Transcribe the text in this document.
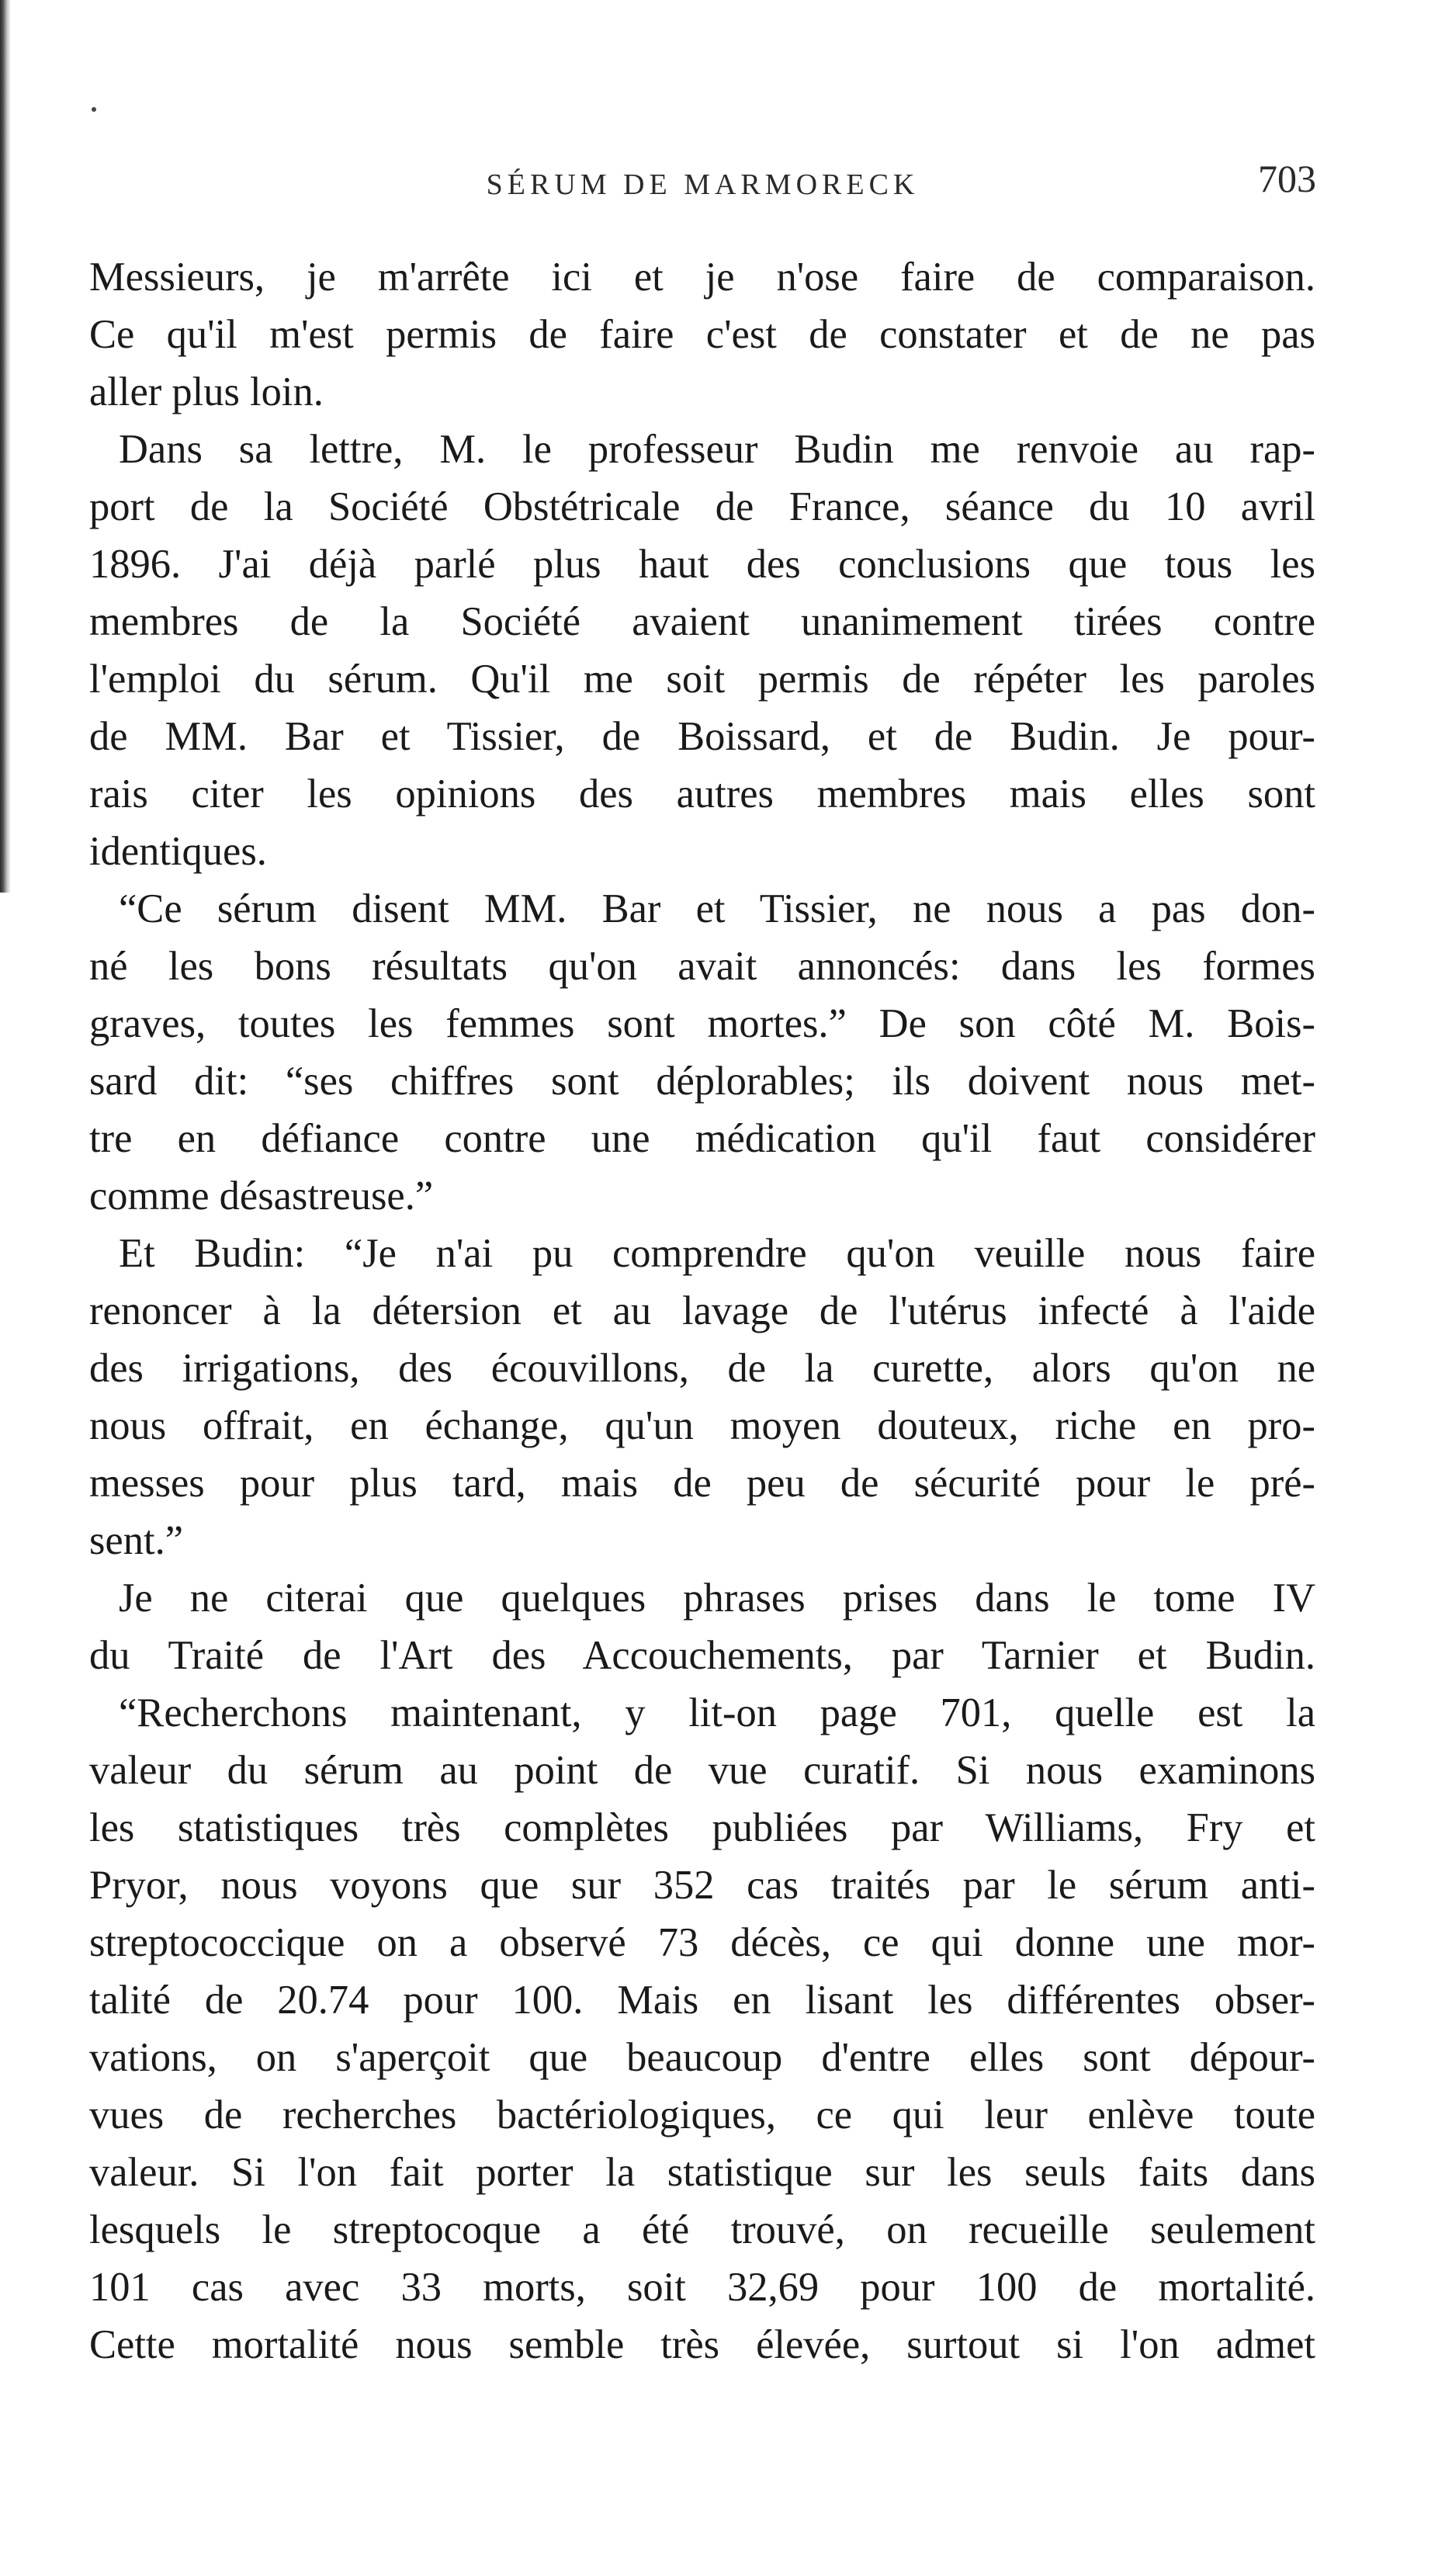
SÉRUM DE MARMORECK	703
Messieurs, je m'arrête ici et je n'ose faire de comparaison.
Ce qu'il m'est permis de faire c'est de constater et de ne pas
aller plus loin.
Dans sa lettre, M. le professeur Budin me renvoie au rap-
port de la Société Obstétricale de France, séance du 10 avril
1896. J'ai déjà parlé plus haut des conclusions que tous les
membres de la Société avaient unanimement tirées contre
l'emploi du sérum. Qu'il me soit permis de répéter les paroles
de MM. Bar et Tissier, de Boissard, et de Budin. Je pour-
rais citer les opinions des autres membres mais elles sont
identiques.
“Ce sérum disent MM. Bar et Tissier, ne nous a pas don-
né les bons résultats qu'on avait annoncés: dans les formes
graves, toutes les femmes sont mortes.” De son côté M. Bois-
sard dit: “ses chiffres sont déplorables; ils doivent nous met-
tre en défiance contre une médication qu'il faut considérer
comme désastreuse.”
Et Budin: “Je n'ai pu comprendre qu'on veuille nous faire
renoncer à la détersion et au lavage de l'utérus infecté à l'aide
des irrigations, des écouvillons, de la curette, alors qu'on ne
nous offrait, en échange, qu'un moyen douteux, riche en pro-
messes pour plus tard, mais de peu de sécurité pour le pré-
sent.”
Je ne citerai que quelques phrases prises dans le tome IV
du Traité de l'Art des Accouchements, par Tarnier et Budin.
“Recherchons maintenant, y lit-on page 701, quelle est la
valeur du sérum au point de vue curatif. Si nous examinons
les statistiques très complètes publiées par Williams, Fry et
Pryor, nous voyons que sur 352 cas traités par le sérum anti-
streptococcique on a observé 73 décès, ce qui donne une mor-
talité de 20.74 pour 100. Mais en lisant les différentes obser-
vations, on s'aperçoit que beaucoup d'entre elles sont dépour-
vues de recherches bactériologiques, ce qui leur enlève toute
valeur. Si l'on fait porter la statistique sur les seuls faits dans
lesquels le streptocoque a été trouvé, on recueille seulement
101 cas avec 33 morts, soit 32,69 pour 100 de mortalité.
Cette mortalité nous semble très élevée, surtout si l'on admet
